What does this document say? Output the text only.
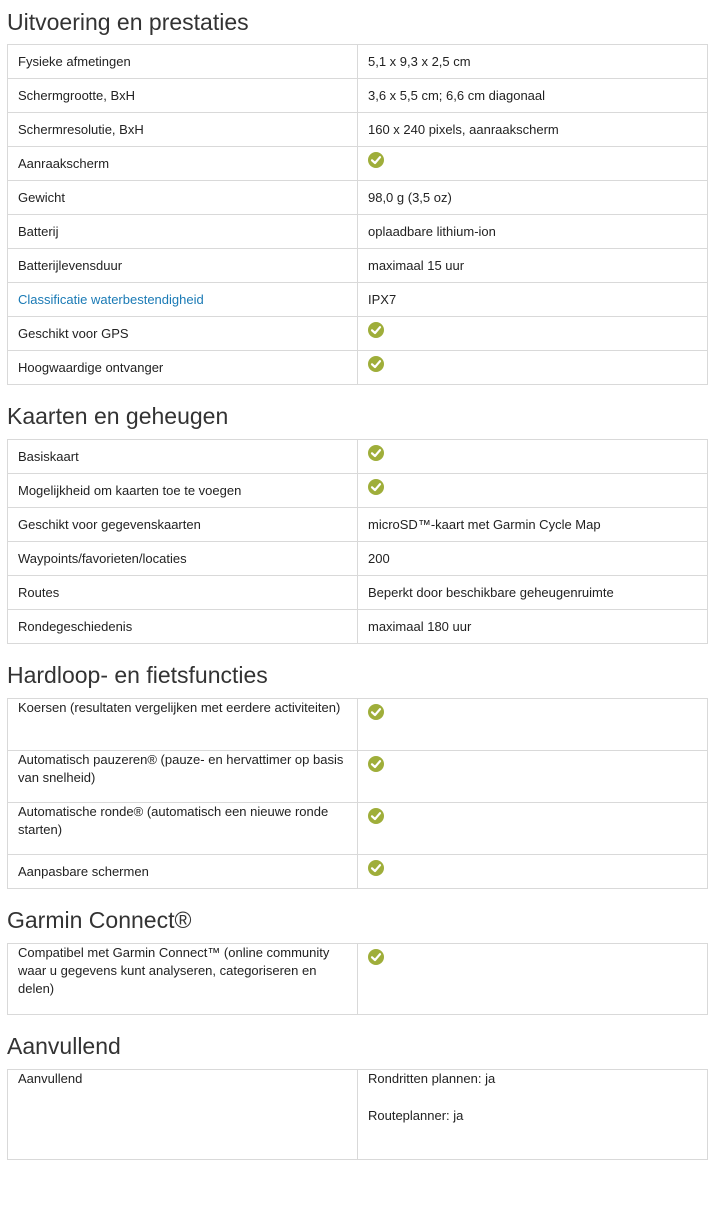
Uitvoering en prestaties
Fysieke afmetingen	5,1 x 9,3 x 2,5 cm
Schermgrootte, BxH	3,6 x 5,5 cm; 6,6 cm diagonaal
Schermresolutie, BxH	160 x 240 pixels, aanraakscherm
Aanraakscherm	

Gewicht	98,0 g (3,5 oz)
Batterij	oplaadbare lithium-ion
Batterijlevensduur	maximaal 15 uur
Classificatie waterbestendigheid	IPX7
Geschikt voor GPS	

Hoogwaardige ontvanger	
Kaarten en geheugen
Basiskaart	

Mogelijkheid om kaarten toe te voegen	

Geschikt voor gegevenskaarten	microSD™-kaart met Garmin Cycle Map
Waypoints/favorieten/locaties	200
Routes	Beperkt door beschikbare geheugenruimte
Rondegeschiedenis	maximaal 180 uur
Hardloop- en fietsfuncties
Koersen (resultaten vergelijken met eerdere activiteiten)	

Automatisch pauzeren® (pauze- en hervattimer op basis van snelheid)	

Automatische ronde® (automatisch een nieuwe ronde starten)	

Aanpasbare schermen	
Garmin Connect®
Compatibel met Garmin Connect™ (online community waar u gegevens kunt analyseren, categoriseren en delen)	
Aanvullend
Aanvullend	Rondritten plannen: ja

Routeplanner: ja
